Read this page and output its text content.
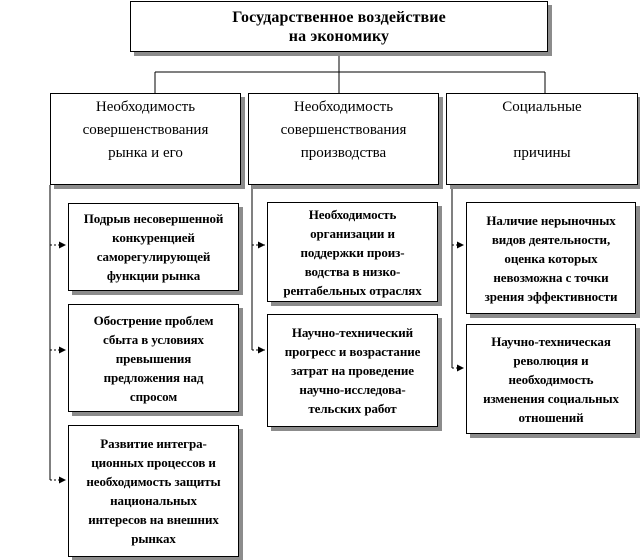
Государственное воздействие
на экономику
Необходимость
совершенствования
рынка и его
Необходимость
совершенствования
производства
Социальные

причины
Подрыв несовершенной
конкуренцией
саморегулирующей
функции рынка
Обострение проблем
сбыта в условиях
превышения
предложения над
спросом
Развитие интегра-
ционных процессов и
необходимость защиты
национальных
интересов на внешних
рынках
Необходимость
организации и
поддержки произ-
водства в низко-
рентабельных отраслях
Научно-технический
прогресс и возрастание
затрат на проведение
научно-исследова-
тельских работ
Наличие нерыночных
видов деятельности,
оценка которых
невозможна с точки
зрения эффективности
Научно-техническая
революция и
необходимость
изменения социальных
отношений
